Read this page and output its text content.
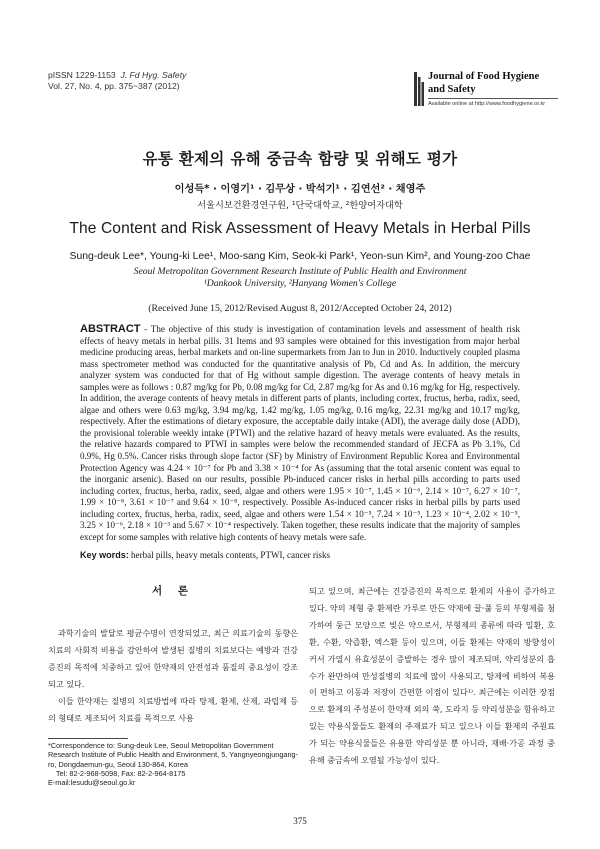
pISSN 1229-1153 J. Fd Hyg. Safety
Vol. 27, No. 4, pp. 375~387 (2012)
Journal of Food Hygiene
and Safety
Available online at http://www.foodhygiene.or.kr
유통 환제의 유해 중금속 함량 및 위해도 평가
이성득* · 이영기¹ · 김무상 · 박석기¹ · 김연선² · 채영주
서울시보건환경연구원, ¹단국대학교, ²한양여자대학
The Content and Risk Assessment of Heavy Metals in Herbal Pills
Sung-deuk Lee*, Young-ki Lee¹, Moo-sang Kim, Seok-ki Park¹, Yeon-sun Kim², and Young-zoo Chae
Seoul Metropolitan Government Research Institute of Public Health and Environment
¹Dankook University, ²Hanyang Women's College
(Received June 15, 2012/Revised August 8, 2012/Accepted October 24, 2012)
ABSTRACT - The objective of this study is investigation of contamination levels and assessment of health risk effects of heavy metals in herbal pills. 31 Items and 93 samples were obtained for this investigation from major herbal medicine producing areas, herbal markets and on-line supermarkets from Jan to Jun in 2010. Inductively coupled plasma mass spectrometer method was conducted for the quantitative analysis of Pb, Cd and As. In addition, the mercury analyzer system was conducted for that of Hg without sample digestion. The average contents of heavy metals in samples were as follows : 0.87 mg/kg for Pb, 0.08 mg/kg for Cd, 2.87 mg/kg for As and 0.16 mg/kg for Hg, respectively. In addition, the average contents of heavy metals in different parts of plants, including cortex, fructus, herba, radix, seed, algae and others were 0.63 mg/kg, 3.94 mg/kg, 1.42 mg/kg, 1.05 mg/kg, 0.16 mg/kg, 22.31 mg/kg and 10.17 mg/kg, respectively. After the estimations of dietary exposure, the acceptable daily intake (ADI), the average daily dose (ADD), the provisional tolerable weekly intake (PTWI) and the relative hazard of heavy metals were evaluated. As the results, the relative hazards compared to PTWI in samples were below the recommended standard of JECFA as Pb 3.1%, Cd 0.9%, Hg 0.5%. Cancer risks through slope factor (SF) by Ministry of Environment Republic Korea and Environmental Protection Agency was 4.24 × 10⁻⁷ for Pb and 3.38 × 10⁻⁴ for As (assuming that the total arsenic content was equal to the inorganic arsenic). Based on our results, possible Pb-induced cancer risks in herbal pills according to parts used including cortex, fructus, herba, radix, seed, algae and others were 1.95 × 10⁻⁷, 1.45 × 10⁻⁶, 2.14 × 10⁻⁷, 6.27 × 10⁻⁷, 1.99 × 10⁻⁸, 3.61 × 10⁻⁷ and 9.64 × 10⁻⁸, respectively. Possible As-induced cancer risks in herbal pills by parts used including cortex, fructus, herba, radix, seed, algae and others were 1.54 × 10⁻⁵, 7.24 × 10⁻⁵, 1.23 × 10⁻⁴, 2.02 × 10⁻⁵, 3.25 × 10⁻⁶, 2.18 × 10⁻³ and 5.67 × 10⁻⁴ respectively. Taken together, these results indicate that the majority of samples except for some samples with relative high contents of heavy metals were safe.
Key words: herbal pills, heavy metals contents, PTWI, cancer risks
서 론

과학기술의 발달로 평균수명이 연장되었고, 최근 의료기술의 동향은 치료의 사회적 비용을 감안하여 발생된 질병의 치료보다는 예방과 건강증진의 목적에 치중하고 있어 한약재의 안전성과 품질의 중요성이 강조되고 있다.

이들 한약재는 질병의 치료방법에 따라 탕제, 환제, 산제, 과립제 등의 형태로 제조되어 치료를 목적으로 사용

되고 있으며, 최근에는 건강증진의 목적으로 환제의 사용이 증가하고 있다. 약의 제형 중 환제란 가루로 만든 약재에 꿀·풀 등의 부형제를 첨가하여 둥근 모양으로 빚은 약으로서, 부형제의 종류에 따라 밀환, 호환, 수환, 약즙환, 엑스환 등이 있으며, 이들 환제는 약재의 방향성이 커서 가열시 유효성분이 증발하는 경우 많이 제조되며, 약리성분의 흡수가 완만하여 만성질병의 치료에 많이 사용되고, 탕제에 비하여 복용이 편하고 이동과 저장이 간편한 이점이 있다¹⁾. 최근에는 이러한 장점으로 환제의 주성분이 한약재 외의 쑥, 도라지 등 약리성분을 함유하고 있는 약용식물들도 환제의 주재료가 되고 있으나 이들 환제의 주원료가 되는 약용식물들은 유용한 약리성분 뿐 아니라, 재배·가공 과정 중 유해 중금속에 오염될 가능성이 있다.

*Correspondence to: Sung-deuk Lee, Seoul Metropolitan Government Research Institute of Public Health and Environment, 5, Yangnyeongjungang-ro, Dongdaemun-gu, Seoul 130-864, Korea
Tel: 82-2-968-5098, Fax: 82-2-964-8175
E-mail:lesudu@seoul.go.kr
375
